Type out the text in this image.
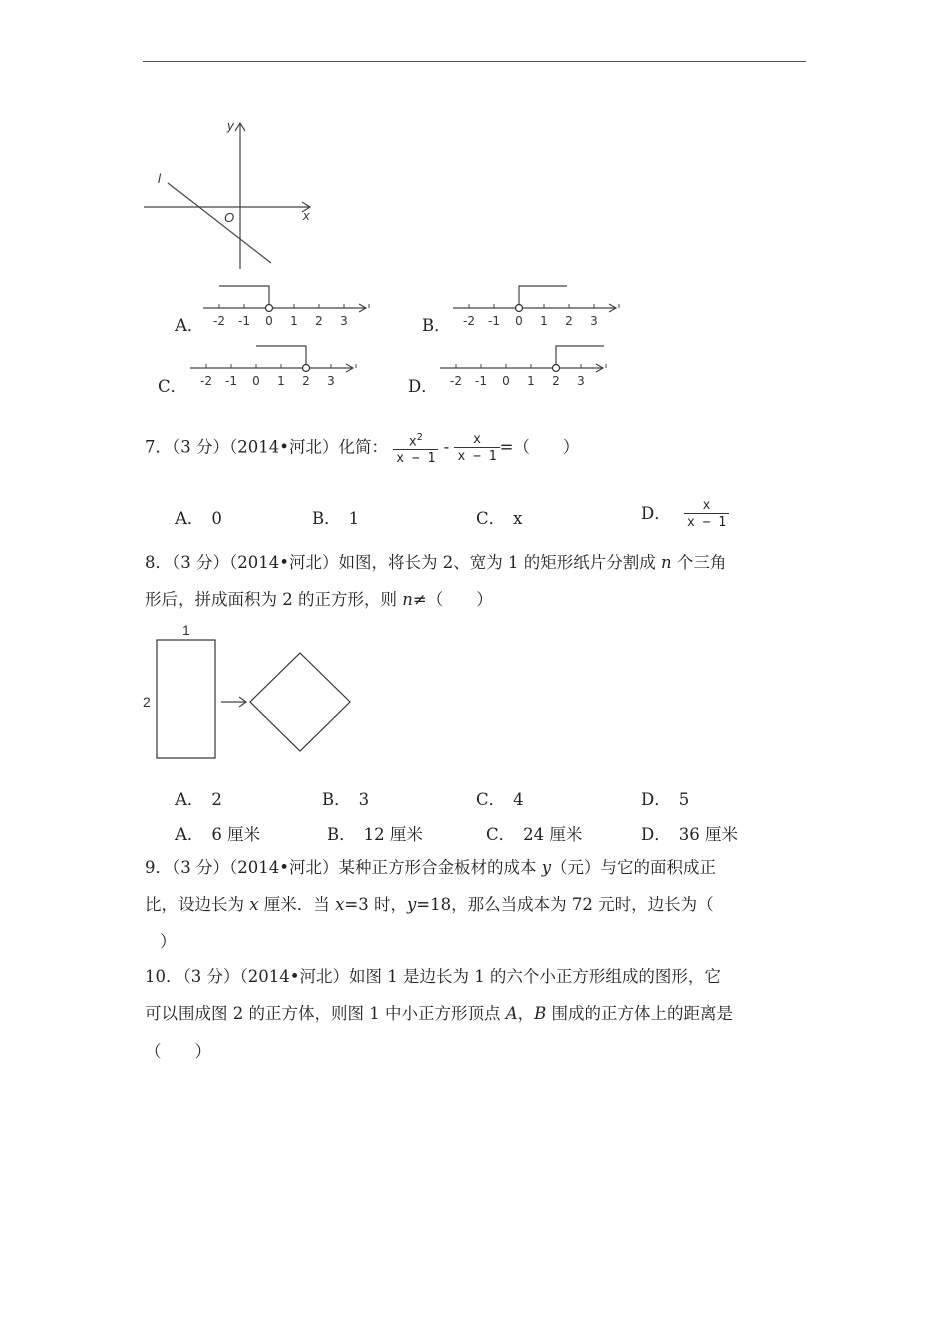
y
x
O
l
A． -2 -1 0 1 2 3	B． -2 -1 0 1 2 3
C． -2 -1 0 1 2 3	D． -2 -1 0 1 2 3
7．（3 分）（2014•河北）化简： $\frac{x^2}{x - 1} - \frac{x}{x - 1}$ =（　　）
A． 0	B． 1	C． x	D． $\frac{x}{x - 1}$
8．（3 分）（2014•河北）如图，将长为 2、宽为 1 的矩形纸片分割成 n 个三角
形后，拼成面积为 2 的正方形，则 n≠（　　）
1
2
A． 2	B． 3	C． 4	D． 5
A． 6 厘米	B． 12 厘米	C． 24 厘米	D． 36 厘米
9．（3 分）（2014•河北）某种正方形合金板材的成本 y（元）与它的面积成正
比，设边长为 x 厘米．当 x=3 时，y=18，那么当成本为 72 元时，边长为（
）
10．（3 分）（2014•河北）如图 1 是边长为 1 的六个小正方形组成的图形，它
可以围成图 2 的正方体，则图 1 中小正方形顶点 A，B 围成的正方体上的距离是
（　　）
